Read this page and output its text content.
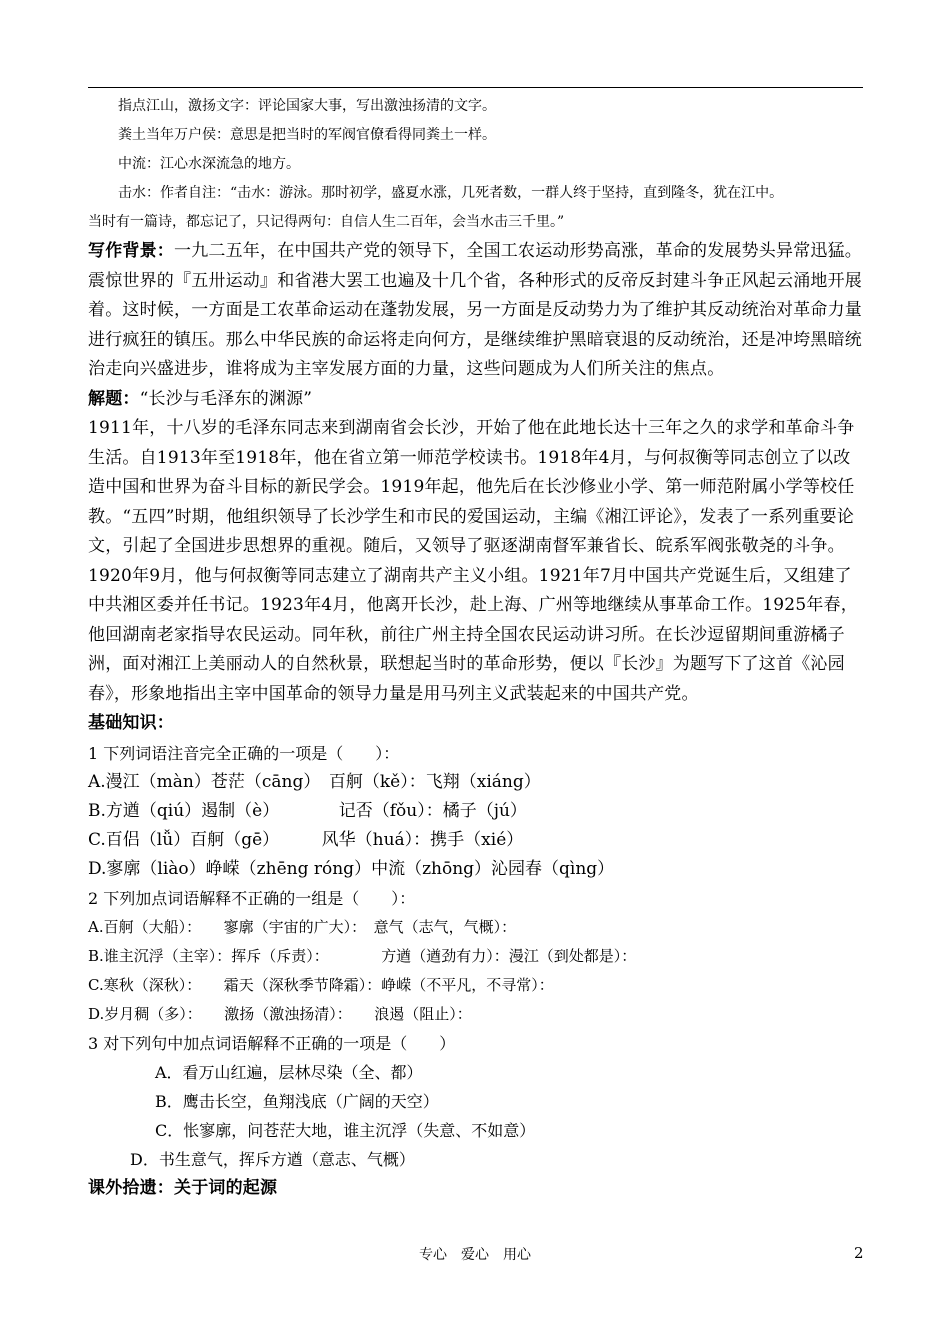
指点江山，激扬文字：评论国家大事，写出激浊扬清的文字。

粪土当年万户侯：意思是把当时的军阀官僚看得同粪土一样。

中流：江心水深流急的地方。

击水：作者自注：“击水：游泳。那时初学，盛夏水涨，几死者数，一群人终于坚持，直到隆冬，犹在江中。

当时有一篇诗，都忘记了，只记得两句：自信人生二百年，会当水击三千里。”

写作背景：一九二五年，在中国共产党的领导下，全国工农运动形势高涨，革命的发展势头异常迅猛。震惊世界的『五卅运动』和省港大罢工也遍及十几个省，各种形式的反帝反封建斗争正风起云涌地开展着。这时候，一方面是工农革命运动在蓬勃发展，另一方面是反动势力为了维护其反动统治对革命力量进行疯狂的镇压。那么中华民族的命运将走向何方，是继续维护黑暗衰退的反动统治，还是冲垮黑暗统治走向兴盛进步，谁将成为主宰发展方面的力量，这些问题成为人们所关注的焦点。

解题：“长沙与毛泽东的渊源”

1911年，十八岁的毛泽东同志来到湖南省会长沙，开始了他在此地长达十三年之久的求学和革命斗争生活。自1913年至1918年，他在省立第一师范学校读书。1918年4月，与何叔衡等同志创立了以改造中国和世界为奋斗目标的新民学会。1919年起，他先后在长沙修业小学、第一师范附属小学等校任教。“五四”时期，他组织领导了长沙学生和市民的爱国运动，主编《湘江评论》，发表了一系列重要论文，引起了全国进步思想界的重视。随后，又领导了驱逐湖南督军兼省长、皖系军阀张敬尧的斗争。1920年9月，他与何叔衡等同志建立了湖南共产主义小组。1921年7月中国共产党诞生后，又组建了中共湘区委并任书记。1923年4月，他离开长沙，赴上海、广州等地继续从事革命工作。1925年春，他回湖南老家指导农民运动。同年秋，前往广州主持全国农民运动讲习所。在长沙逗留期间重游橘子洲，面对湘江上美丽动人的自然秋景，联想起当时的革命形势，便以『长沙』为题写下了这首《沁园春》，形象地指出主宰中国革命的领导力量是用马列主义武装起来的中国共产党。

基础知识：

1 下列词语注音完全正确的一项是（　　）：

A.漫江（màn）苍茫（cāng）　百舸（kě）：飞翔（xiáng）

B.方遒（qiú）遏制（è）　　　　记否（fǒu）：橘子（jú）

C.百侣（lǚ）百舸（gē）　　　风华（huá）：携手（xié）

D.寥廓（liào）峥嵘（zhēng róng）中流（zhōng）沁园春（qìng）

2 下列加点词语解释不正确的一组是（　　）：

A.百舸（大船）：　　寥廓（宇宙的广大）：　意气（志气，气概）：

B.谁主沉浮（主宰）：挥斥（斥责）：　　　　方遒（遒劲有力）：漫江（到处都是）：

C.寒秋（深秋）：　　霜天（深秋季节降霜）：峥嵘（不平凡，不寻常）：

D.岁月稠（多）：　　激扬（激浊扬清）：　　浪遏（阻止）：

3 对下列句中加点词语解释不正确的一项是（　　）

A．看万山红遍，层林尽染（全、都）

B．鹰击长空，鱼翔浅底（广阔的天空）

C．怅寥廓，问苍茫大地，谁主沉浮（失意、不如意）

D．书生意气，挥斥方遒（意志、气概）

课外拾遗：关于词的起源

专心　爱心　用心	2
